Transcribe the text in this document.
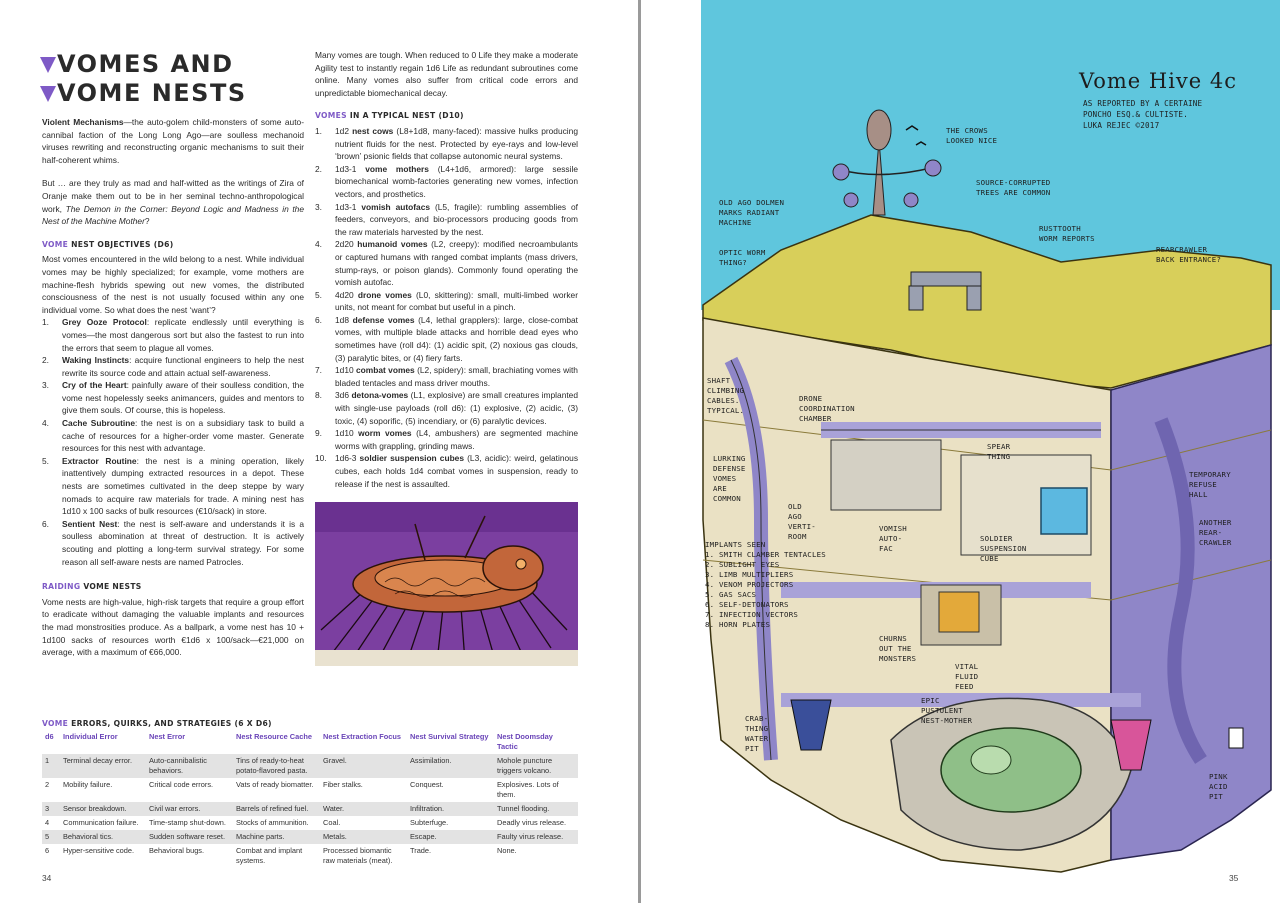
VOMES AND
VOME NESTS

Violent Mechanisms—the auto-golem child-monsters of some auto-cannibal faction of the Long Long Ago—are soulless mechanoid viruses rewriting and reconstructing organic mechanisms to suit their half-coherent whims.

But … are they truly as mad and half-witted as the writings of Zira of Oranje make them out to be in her seminal techno-anthropological work, The Demon in the Corner: Beyond Logic and Madness in the Nest of the Machine Mother?

VOME NEST OBJECTIVES (D6)

Most vomes encountered in the wild belong to a nest. While individual vomes may be highly specialized; for example, vome mothers are machine-flesh hybrids spewing out new vomes, the distributed consciousness of the nest is not usually focused within any one individual vome. So what does the nest ‘want’?

1. Grey Ooze Protocol: replicate endlessly until everything is vomes—the most dangerous sort but also the fastest to run into the errors that seem to plague all vomes.
2. Waking Instincts: acquire functional engineers to help the nest rewrite its source code and attain actual self-awareness.
3. Cry of the Heart: painfully aware of their soulless condition, the vome nest hopelessly seeks animancers, guides and mentors to give them souls. Of course, this is hopeless.
4. Cache Subroutine: the nest is on a subsidiary task to build a cache of resources for a higher-order vome master. Generate resources for this nest with advantage.
5. Extractor Routine: the nest is a mining operation, likely inattentively dumping extracted resources in a depot. These nests are sometimes cultivated in the deep steppe by wary nomads to acquire raw materials for trade. A mining nest has 1d10 x 100 sacks of bulk resources (€10/sack) in store.
6. Sentient Nest: the nest is self-aware and understands it is a soulless abomination at threat of destruction. It is actively scouting and plotting a long-term survival strategy. For some reason all self-aware nests are named Patrocles.
RAIDING VOME NESTS

Vome nests are high-value, high-risk targets that require a group effort to eradicate without damaging the valuable implants and resources the mad monstrosities produce. As a ballpark, a vome nest has 10 + 1d100 sacks of resources worth €1d6 x 100/sack—€21,000 on average, with a maximum of €66,000.

Many vomes are tough. When reduced to 0 Life they make a moderate Agility test to instantly regain 1d6 Life as redundant subroutines come online. Many vomes also suffer from critical code errors and unpredictable biomechanical decay.

VOMES IN A TYPICAL NEST (D10)
1. 1d2 nest cows (L8+1d8, many-faced): massive hulks producing nutrient fluids for the nest. Protected by eye-rays and low-level ‘brown’ psionic fields that collapse autonomic neural systems.
2. 1d3-1 vome mothers (L4+1d6, armored): large sessile biomechanical womb-factories generating new vomes, infection vectors, and prosthetics.
3. 1d3-1 vomish autofacs (L5, fragile): rumbling assemblies of feeders, conveyors, and bio-processors producing goods from the raw materials harvested by the nest.
4. 2d20 humanoid vomes (L2, creepy): modified necroambulants or captured humans with ranged combat implants (mass drivers, stump-rays, or poison glands). Commonly found operating the vomish autofac.
5. 4d20 drone vomes (L0, skittering): small, multi-limbed worker units, not meant for combat but useful in a pinch.
6. 1d8 defense vomes (L4, lethal grapplers): large, close-combat vomes, with multiple blade attacks and horrible dead eyes who sometimes have (roll d4): (1) acidic spit, (2) noxious gas clouds, (3) paralytic bites, or (4) fiery farts.
7. 1d10 combat vomes (L2, spidery): small, brachiating vomes with bladed tentacles and mass driver mouths.
8. 3d6 detona-vomes (L1, explosive) are small creatures implanted with single-use payloads (roll d6): (1) explosive, (2) acidic, (3) toxic, (4) soporific, (5) incendiary, or (6) paralytic devices.
9. 1d10 worm vomes (L4, ambushers) are segmented machine worms with grappling, grinding maws.
10. 1d6-3 soldier suspension cubes (L3, acidic): weird, gelatinous cubes, each holds 1d4 combat vomes in suspension, ready to release if the nest is assaulted.
VOME ERRORS, QUIRKS, AND STRATEGIES (6 X D6)
d6	Individual Error	Nest Error	Nest Resource Cache	Nest Extraction Focus	Nest Survival Strategy	Nest Doomsday Tactic
1	Terminal decay error.	Auto-cannibalistic behaviors.	Tins of ready-to-heat potato-flavored pasta.	Gravel.	Assimilation.	Mohole puncture triggers volcano.
2	Mobility failure.	Critical code errors.	Vats of ready biomatter.	Fiber stalks.	Conquest.	Explosives. Lots of them.
3	Sensor breakdown.	Civil war errors.	Barrels of refined fuel.	Water.	Infiltration.	Tunnel flooding.
4	Communication failure.	Time-stamp shut-down.	Stocks of ammunition.	Coal.	Subterfuge.	Deadly virus release.
5	Behavioral tics.	Sudden software reset.	Machine parts.	Metals.	Escape.	Faulty virus release.
6	Hyper-sensitive code.	Behavioral bugs.	Combat and implant systems.	Processed biomantic raw materials (meat).	Trade.	None.
34
Vome Hive 4c
AS REPORTED BY A CERTAINE
PONCHO ESQ.& CULTISTE.
LUKA REJEC ©2017
THE CROWS
LOOKED NICE
SOURCE-CORRUPTED
TREES ARE COMMON
OLD AGO DOLMEN
MARKS RADIANT
MACHINE
RUSTTOOTH
WORM REPORTS
OPTIC WORM
THING?
REARCRAWLER
BACK ENTRANCE?
SHAFT
CLIMBING
CABLES.
TYPICAL.
DRONE
COORDINATION
CHAMBER
SPEAR
THING
LURKING
DEFENSE
VOMES
ARE
COMMON
TEMPORARY
REFUSE
HALL
OLD
AGO
VERTI-
ROOM
VOMISH
AUTO-
FAC
SOLDIER
SUSPENSION
CUBE
ANOTHER
REAR-
CRAWLER
IMPLANTS SEEN
1. SMITH CLAMBER TENTACLES
2. SUBLIGHT EYES
3. LIMB MULTIPLIERS
4. VENOM PROJECTORS
5. GAS SACS
6. SELF-DETONATORS
7. INFECTION VECTORS
8. HORN PLATES
CHURNS
OUT THE
MONSTERS
VITAL
FLUID
FEED
EPIC
PUSTULENT
NEST-MOTHER
CRAB-
THING
WATER
PIT
PINK
ACID
PIT
35
